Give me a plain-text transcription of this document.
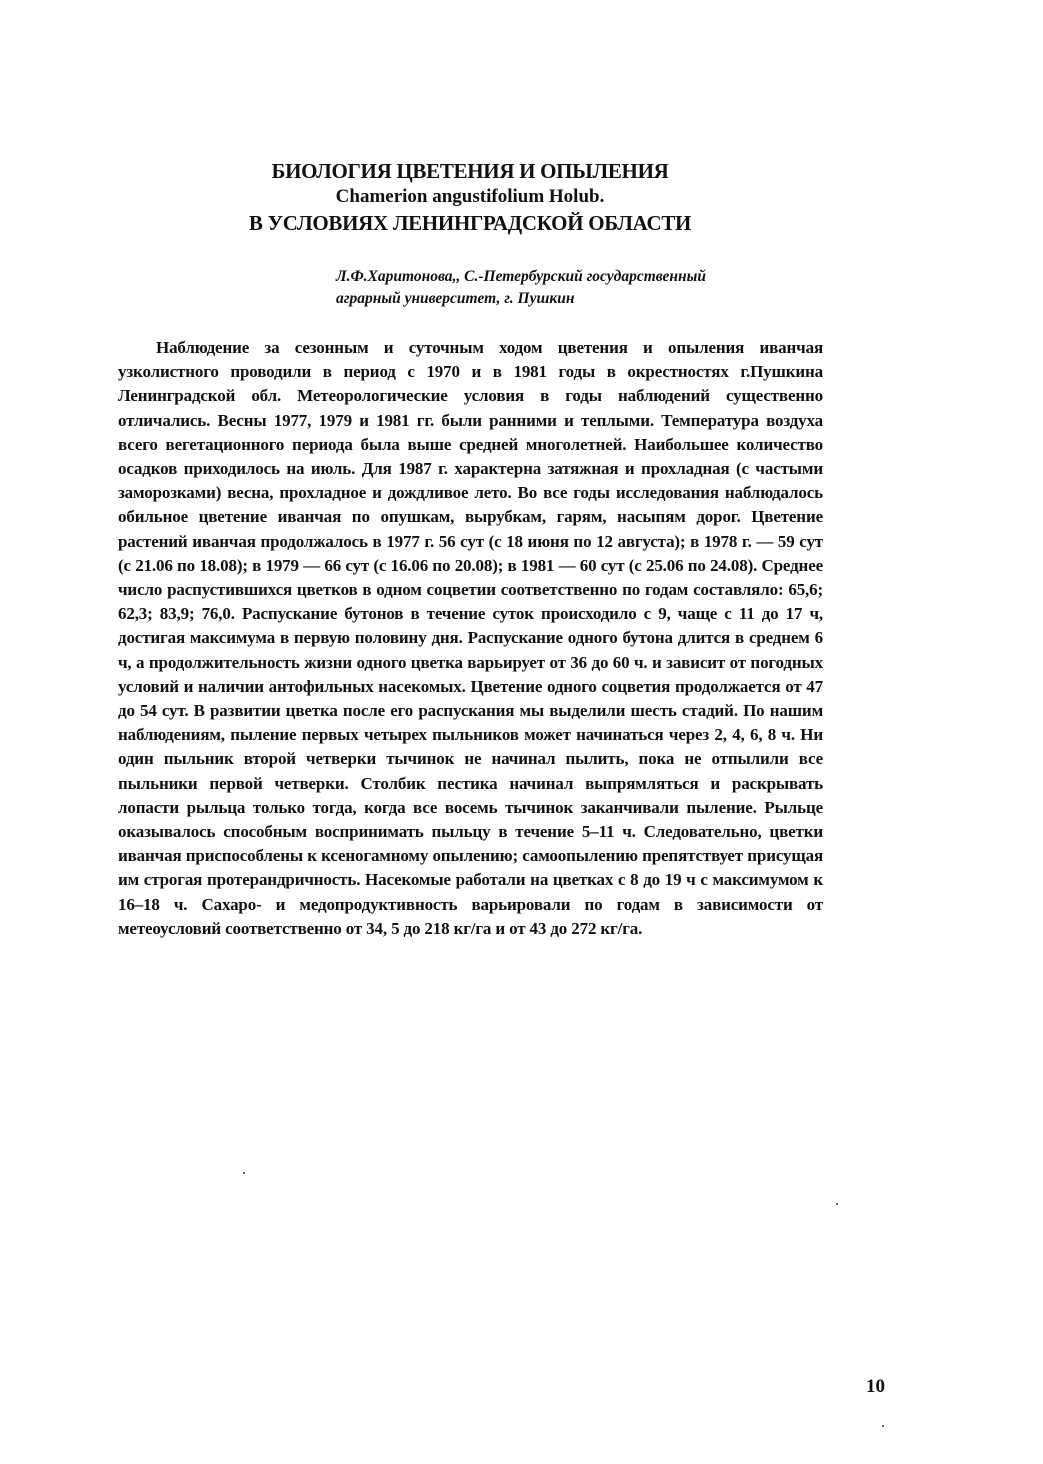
БИОЛОГИЯ ЦВЕТЕНИЯ И ОПЫЛЕНИЯ
Chamerion angustifolium Holub.
В УСЛОВИЯХ ЛЕНИНГРАДСКОЙ ОБЛАСТИ
Л.Ф.Харитонова,, С.-Петербурский государственный
аграрный университет, г. Пушкин
Наблюдение за сезонным и суточным ходом цветения и опыления иванчая узколистного проводили в период с 1970 и в 1981 годы в окрестностях г.Пушкина Ленинградской обл. Метеорологические условия в годы наблюдений существенно отличались. Весны 1977, 1979 и 1981 гг. были ранними и теплыми. Температура воздуха всего вегетационного периода была выше средней многолетней. Наибольшее количество осадков приходилось на июль. Для 1987 г. характерна затяжная и прохладная (с частыми заморозками) весна, прохладное и дождливое лето. Во все годы исследования наблюдалось обильное цветение иванчая по опушкам, вырубкам, гарям, насыпям дорог. Цветение растений иванчая продолжалось в 1977 г. 56 сут (с 18 июня по 12 августа); в 1978 г. — 59 сут (с 21.06 по 18.08); в 1979 — 66 сут (с 16.06 по 20.08); в 1981 — 60 сут (с 25.06 по 24.08). Среднее число распустившихся цветков в одном соцветии соответственно по годам составляло: 65,6; 62,3; 83,9; 76,0. Распускание бутонов в течение суток происходило с 9, чаще с 11 до 17 ч, достигая максимума в первую половину дня. Распускание одного бутона длится в среднем 6 ч, а продолжительность жизни одного цветка варьирует от 36 до 60 ч. и зависит от погодных условий и наличии антофильных насекомых. Цветение одного соцветия продолжается от 47 до 54 сут. В развитии цветка после его распускания мы выделили шесть стадий. По нашим наблюдениям, пыление первых четырех пыльников может начинаться через 2, 4, 6, 8 ч. Ни один пыльник второй четверки тычинок не начинал пылить, пока не отпылили все пыльники первой четверки. Столбик пестика начинал выпрямляться и раскрывать лопасти рыльца только тогда, когда все восемь тычинок заканчивали пыление. Рыльце оказывалось способным воспринимать пыльцу в течение 5–11 ч. Следовательно, цветки иванчая приспособлены к ксеногамному опылению; самоопылению препятствует присущая им строгая протерандричность. Насекомые работали на цветках с 8 до 19 ч с максимумом к 16–18 ч. Сахаро- и медопродуктивность варьировали по годам в зависимости от метеоусловий соответственно от 34, 5 до 218 кг/га и от 43 до 272 кг/га.
10
